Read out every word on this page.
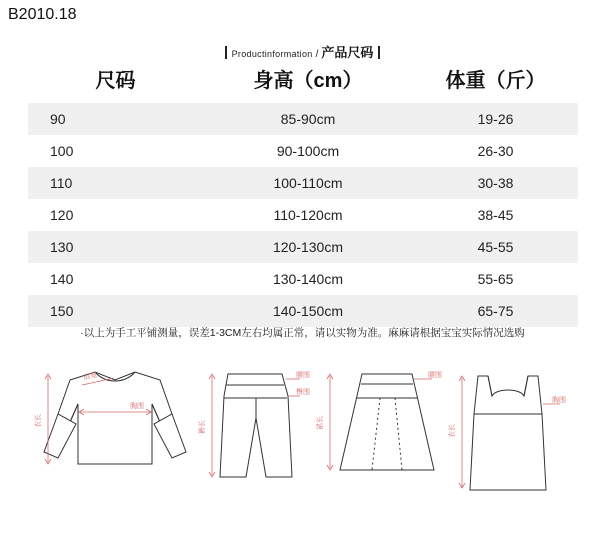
B2010.18
Productinformation / 产品尺码
尺码	身高（cm）	体重（斤）
90	85-90cm	19-26
100	90-100cm	26-30
110	100-110cm	30-38
120	110-120cm	38-45
130	120-130cm	45-55
140	130-140cm	55-65
150	140-150cm	65-75
·以上为手工平铺测量，误差1-3CM左右均属正常，请以实物为准。麻麻请根据宝宝实际情况选购
衣长
肩宽
胸围
裤长
腰围
臀围
裙长
腰围
衣长
胸围
